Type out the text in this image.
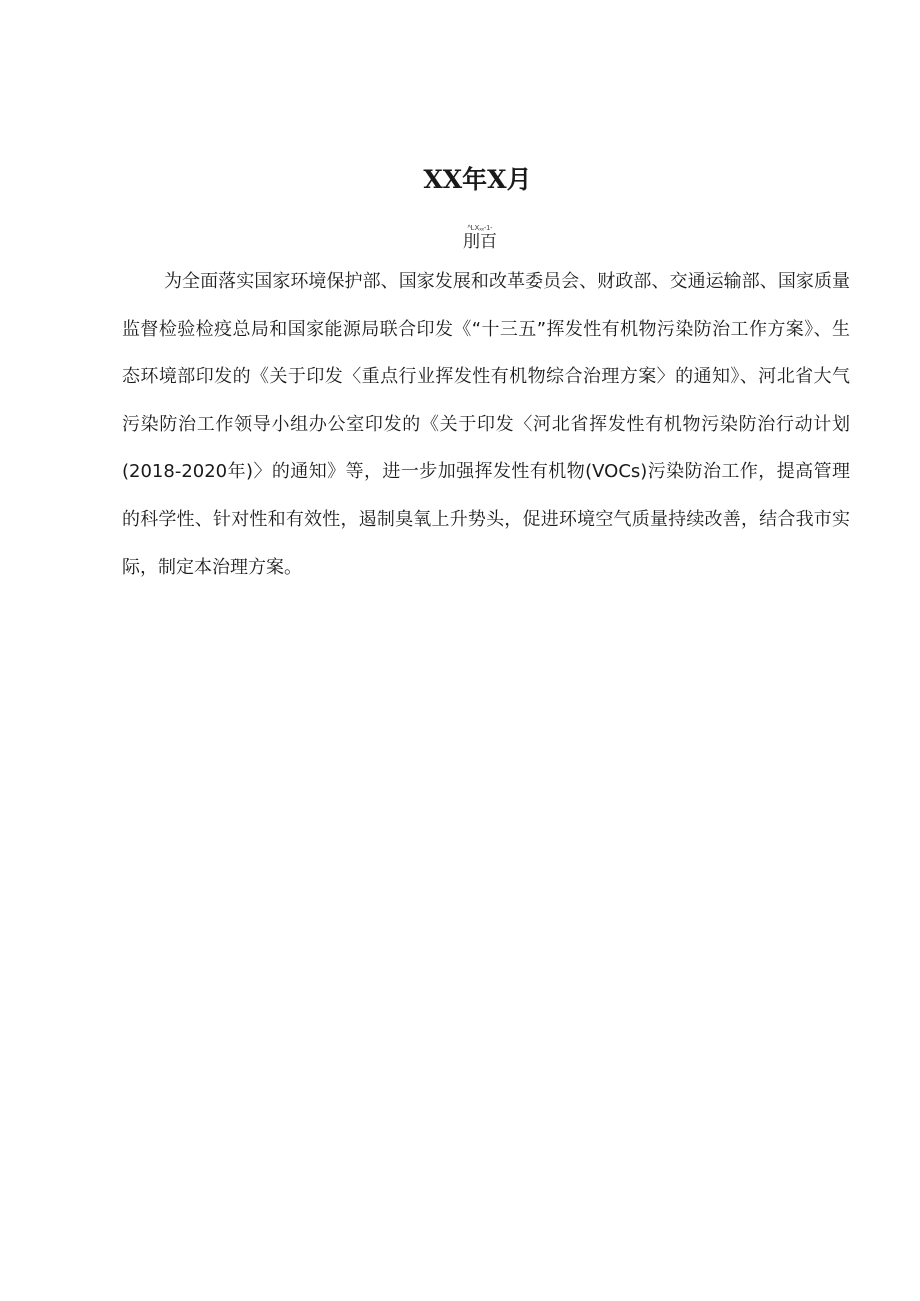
XX年X月
^LXₓₓ-1-
刖百

为全面落实国家环境保护部、国家发展和改革委员会、财政部、交通运输部、国家质量监督检验检疫总局和国家能源局联合印发《“十三五”挥发性有机物污染防治工作方案》、生态环境部印发的《关于印发〈重点行业挥发性有机物综合治理方案〉的通知》、河北省大气污染防治工作领导小组办公室印发的《关于印发〈河北省挥发性有机物污染防治行动计划(2018-2020年)〉的通知》等，进一步加强挥发性有机物(VOCs)污染防治工作，提高管理的科学性、针对性和有效性，遏制臭氧上升势头，促进环境空气质量持续改善，结合我市实际，制定本治理方案。
